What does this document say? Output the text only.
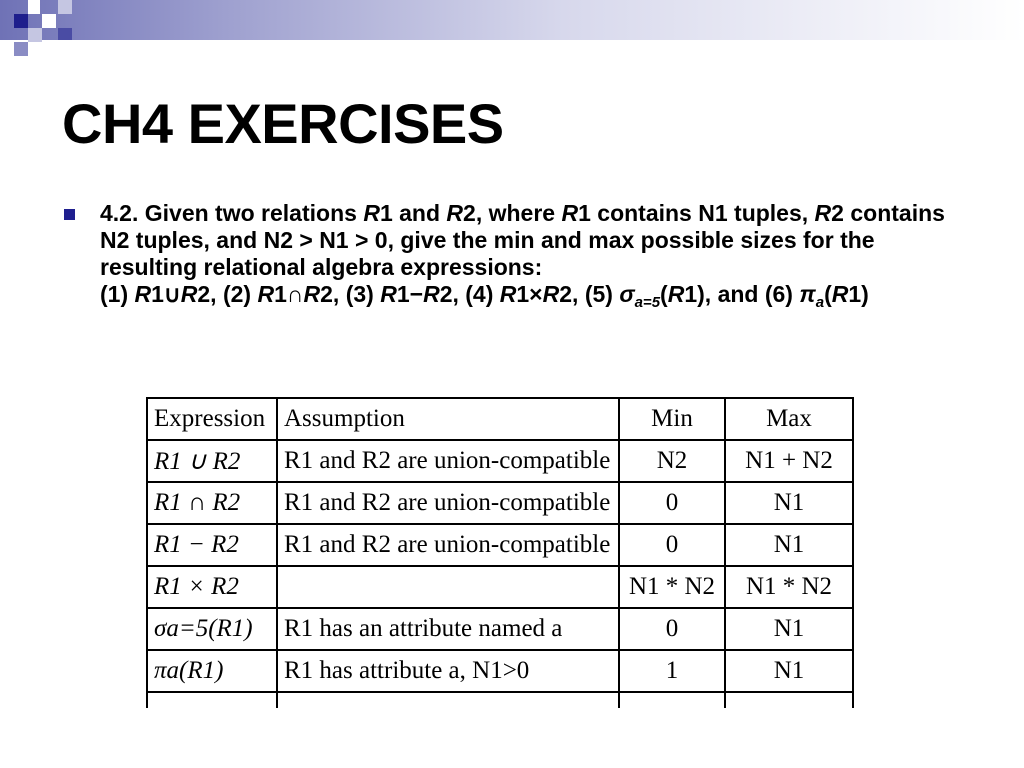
CH4 EXERCISES

4.2. Given two relations R1 and R2, where R1 contains N1 tuples, R2 contains N2 tuples, and N2 > N1 > 0, give the min and max possible sizes for the resulting relational algebra expressions:
(1) R1∪R2, (2) R1∩R2, (3) R1−R2, (4) R1×R2, (5) $\sigma_{a=5}(R1)$, and (6) $\pi_a(R1)$

Expression	Assumption	Min	Max
R1 ∪ R2	R1 and R2 are union-compatible	N2	N1 + N2
R1 ∩ R2	R1 and R2 are union-compatible	0	N1
R1 − R2	R1 and R2 are union-compatible	0	N1
R1 × R2		N1 * N2	N1 * N2
σa=5(R1)	R1 has an attribute named a	0	N1
πa(R1)	R1 has attribute a, N1>0	1	N1
